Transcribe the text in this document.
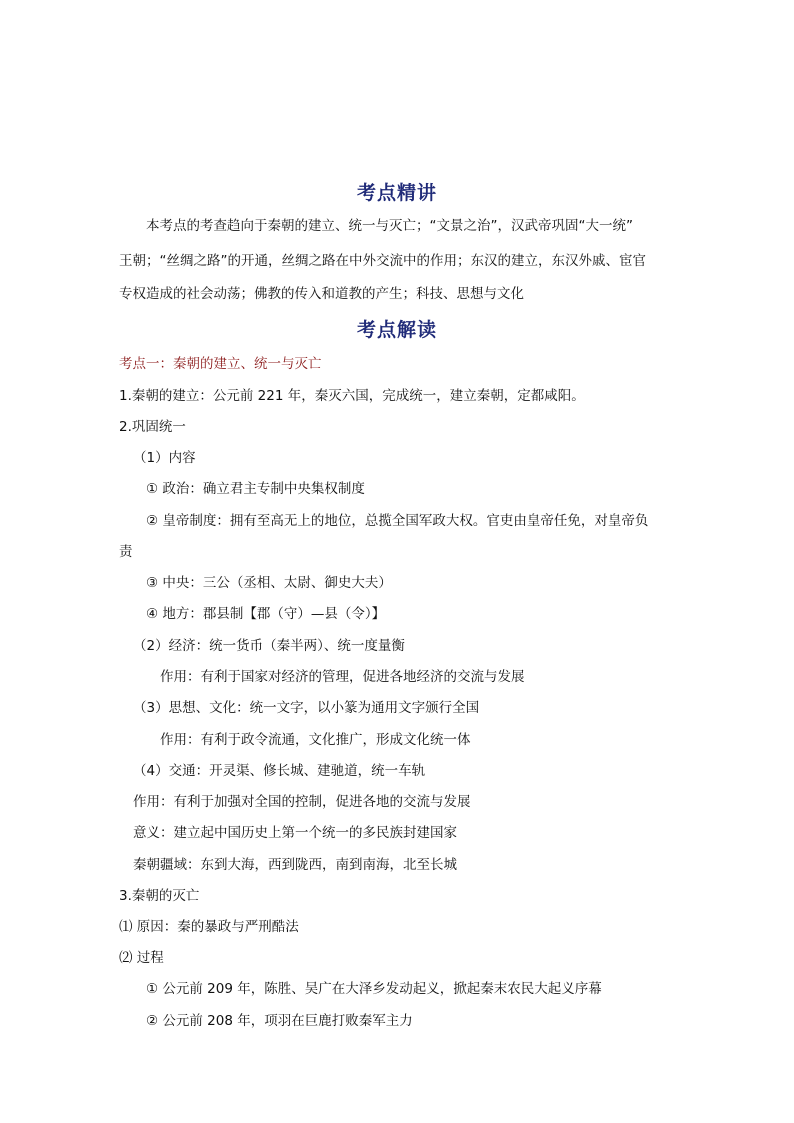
考点精讲
本考点的考查趋向于秦朝的建立、统一与灭亡；“文景之治”，汉武帝巩固“大一统”
王朝；“丝绸之路”的开通，丝绸之路在中外交流中的作用；东汉的建立，东汉外戚、宦官
专权造成的社会动荡；佛教的传入和道教的产生；科技、思想与文化
考点解读
考点一：秦朝的建立、统一与灭亡
1.秦朝的建立：公元前 221 年，秦灭六国，完成统一，建立秦朝，定都咸阳。
2.巩固统一
（1）内容
① 政治：确立君主专制中央集权制度
② 皇帝制度：拥有至高无上的地位，总揽全国军政大权。官吏由皇帝任免，对皇帝负
责
③ 中央：三公（丞相、太尉、御史大夫）
④ 地方：郡县制【郡（守）—县（令）】
（2）经济：统一货币（秦半两）、统一度量衡
作用：有利于国家对经济的管理，促进各地经济的交流与发展
（3）思想、文化：统一文字，以小篆为通用文字颁行全国
作用：有利于政令流通，文化推广，形成文化统一体
（4）交通：开灵渠、修长城、建驰道，统一车轨
作用：有利于加强对全国的控制，促进各地的交流与发展
意义：建立起中国历史上第一个统一的多民族封建国家
秦朝疆域：东到大海，西到陇西，南到南海，北至长城
3.秦朝的灭亡
⑴ 原因：秦的暴政与严刑酷法
⑵ 过程
① 公元前 209 年，陈胜、吴广在大泽乡发动起义，掀起秦末农民大起义序幕
② 公元前 208 年，项羽在巨鹿打败秦军主力
